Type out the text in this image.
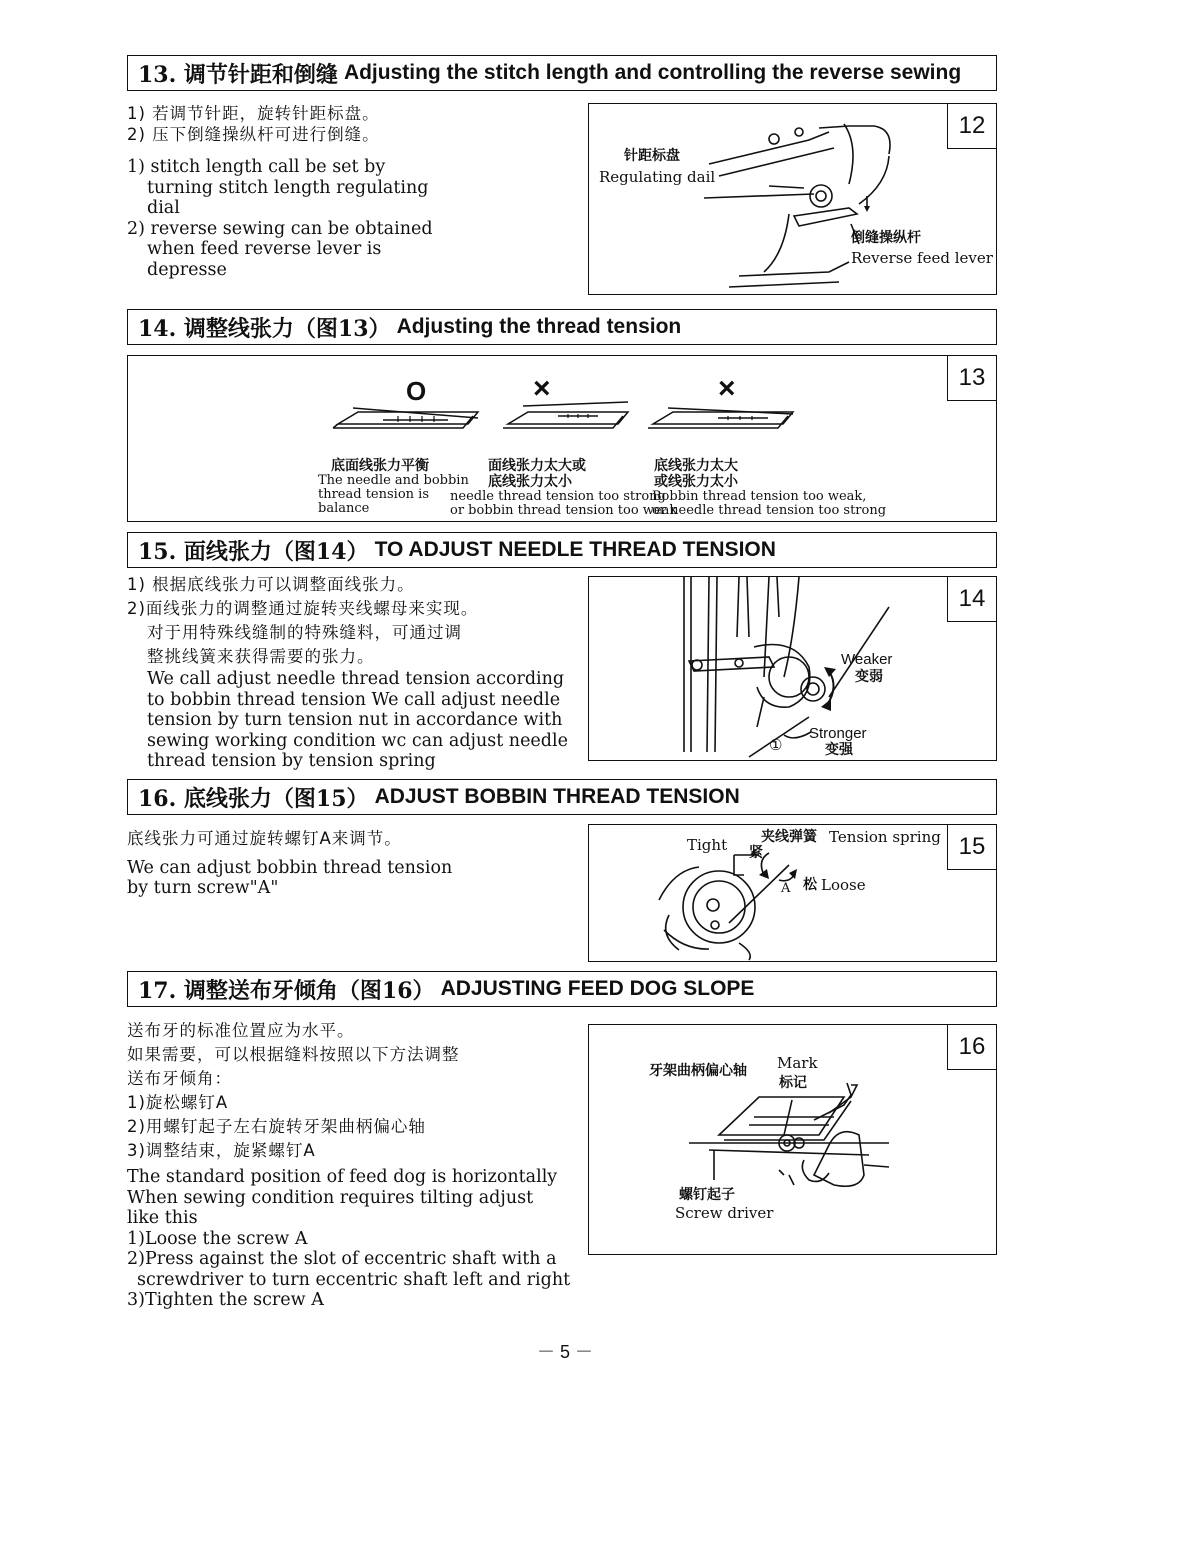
13. 调节针距和倒缝 Adjusting the stitch length and controlling the reverse sewing

1) 若调节针距，旋转针距标盘。

2) 压下倒缝操纵杆可进行倒缝。

1) stitch length call be set by

turning stitch length regulating

dial

2) reverse sewing can be obtained

when feed reverse lever is

depresse

12
针距标盘
Regulating dail
倒缝操纵杆
Reverse feed lever
14. 调整线张力（图13） Adjusting the thread tension
13
O	×	×
底面线张力平衡
The needle and bobbin
thread tension is
balance
面线张力太大或
底线张力太小
needle thread tension too strong
or bobbin thread tension too weak
底线张力太大
或线张力太小
Bobbin thread tension too weak,
or needle thread tension too strong
15. 面线张力（图14） TO ADJUST NEEDLE THREAD TENSION

1) 根据底线张力可以调整面线张力。

2)面线张力的调整通过旋转夹线螺母来实现。

对于用特殊线缝制的特殊缝料，可通过调

整挑线簧来获得需要的张力。

We call adjust needle thread tension according

to bobbin thread tension We call adjust needle

tension by turn tension nut in accordance with

sewing working condition wc can adjust needle

thread tension by tension spring

14
Weaker
变弱
Stronger
变强
①
16. 底线张力（图15） ADJUST BOBBIN THREAD TENSION

底线张力可通过旋转螺钉A来调节。

We can adjust bobbin thread tension

by turn screw"A"

15
Tight 紧
夹线弹簧 Tension spring
A 松 Loose
17. 调整送布牙倾角（图16） ADJUSTING FEED DOG SLOPE

送布牙的标准位置应为水平。

如果需要，可以根据缝料按照以下方法调整

送布牙倾角：

1)旋松螺钉A

2)用螺钉起子左右旋转牙架曲柄偏心轴

3)调整结束，旋紧螺钉A

The standard position of feed dog is horizontally

When sewing condition requires tilting adjust

like this

1)Loose the screw A

2)Press against the slot of eccentric shaft with a

screwdriver to turn eccentric shaft left and right

3)Tighten the screw A

16
牙架曲柄偏心轴 Mark
标记
螺钉起子
Screw driver
－ 5 －
